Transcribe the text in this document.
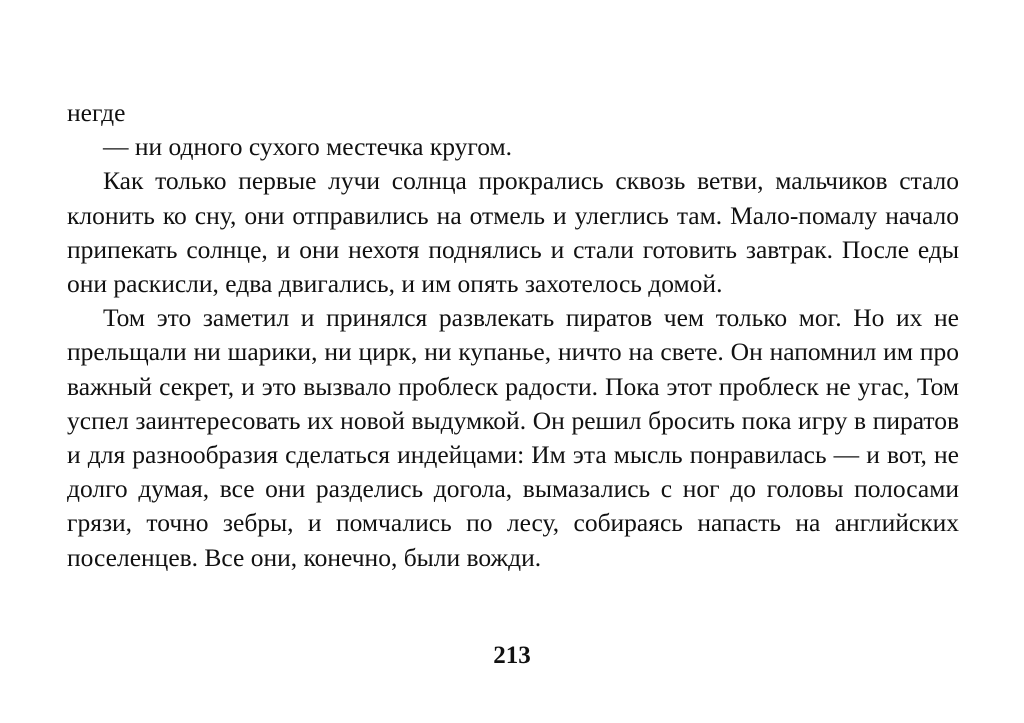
негде

— ни одного сухого местечка кругом.

Как только первые лучи солнца прокрались сквозь ветви, мальчиков стало клонить ко сну, они отправились на отмель и улеглись там. Мало-помалу начало припекать солнце, и они нехотя поднялись и стали готовить завтрак. После еды они раскисли, едва двигались, и им опять захотелось домой.

Том это заметил и принялся развлекать пиратов чем только мог. Но их не прельщали ни шарики, ни цирк, ни купанье, ничто на свете. Он напомнил им про важный секрет, и это вызвало проблеск радости. Пока этот проблеск не угас, Том успел заинтересовать их новой выдумкой. Он решил бросить пока игру в пиратов и для разнообразия сделаться индейцами: Им эта мысль понравилась — и вот, не долго думая, все они разделись догола, вымазались с ног до головы полосами грязи, точно зебры, и помчались по лесу, собираясь напасть на английских поселенцев. Все они, конечно, были вожди.

213
